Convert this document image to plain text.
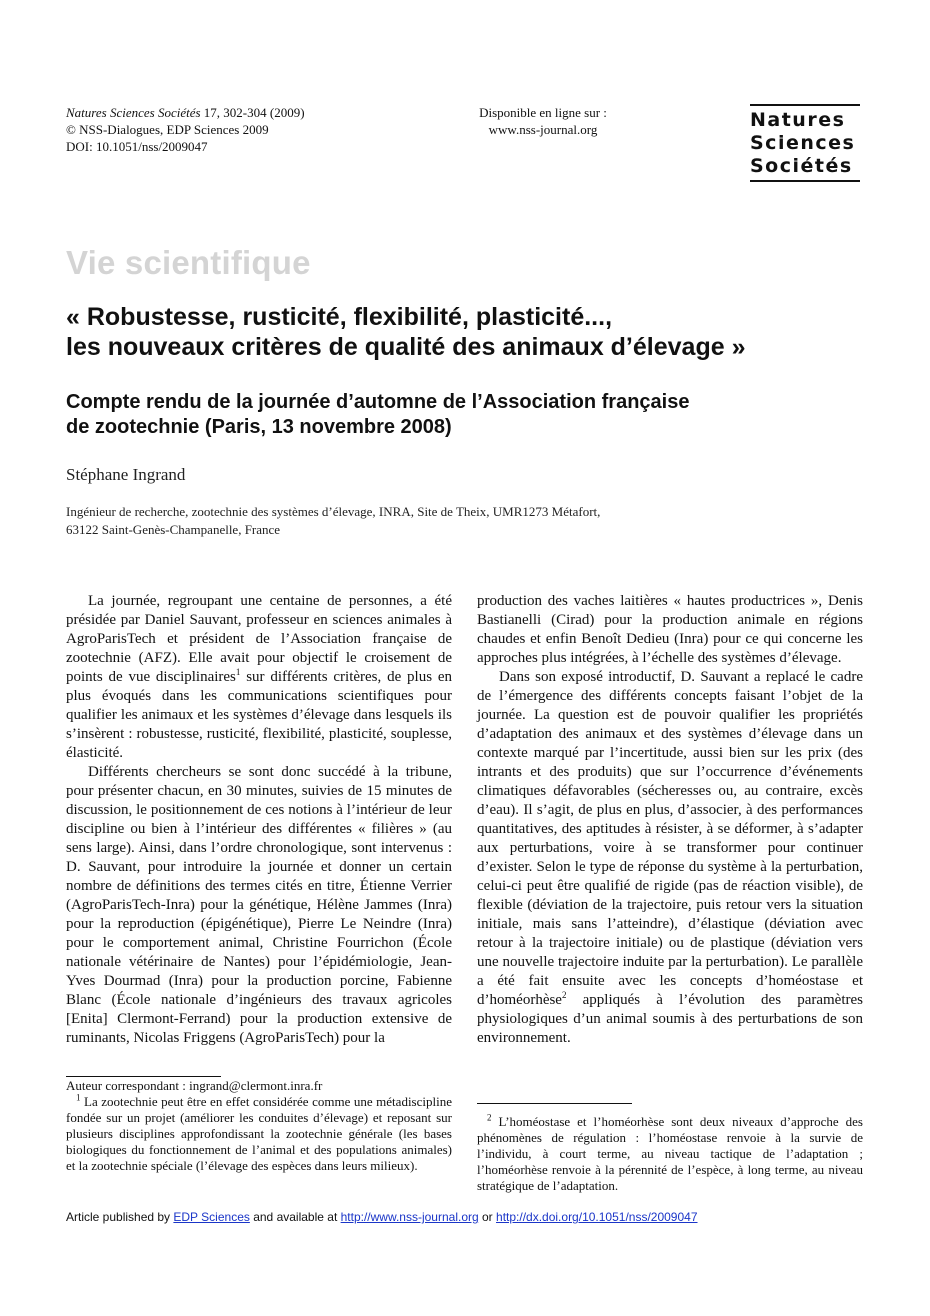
Natures Sciences Sociétés 17, 302-304 (2009)
© NSS-Dialogues, EDP Sciences 2009
DOI: 10.1051/nss/2009047
Disponible en ligne sur :
www.nss-journal.org	Natures
Sciences
Sociétés
Vie scientifique
« Robustesse, rusticité, flexibilité, plasticité...,
les nouveaux critères de qualité des animaux d’élevage »
Compte rendu de la journée d’automne de l’Association française
de zootechnie (Paris, 13 novembre 2008)
Stéphane Ingrand
Ingénieur de recherche, zootechnie des systèmes d’élevage, INRA, Site de Theix, UMR1273 Métafort,
63122 Saint-Genès-Champanelle, France

La journée, regroupant une centaine de personnes, a été présidée par Daniel Sauvant, professeur en sciences animales à AgroParisTech et président de l’Association française de zootechnie (AFZ). Elle avait pour objectif le croisement de points de vue disciplinaires$^1$ sur différents critères, de plus en plus évoqués dans les communications scientifiques pour qualifier les animaux et les systèmes d’élevage dans lesquels ils s’insèrent : robustesse, rusticité, flexibilité, plasticité, souplesse, élasticité.

Différents chercheurs se sont donc succédé à la tribune, pour présenter chacun, en 30 minutes, suivies de 15 minutes de discussion, le positionnement de ces notions à l’intérieur de leur discipline ou bien à l’intérieur des différentes « filières » (au sens large). Ainsi, dans l’ordre chronologique, sont intervenus : D. Sauvant, pour introduire la journée et donner un certain nombre de définitions des termes cités en titre, Étienne Verrier (AgroParisTech-Inra) pour la génétique, Hélène Jammes (Inra) pour la reproduction (épigénétique), Pierre Le Neindre (Inra) pour le comportement animal, Christine Fourrichon (École nationale vétérinaire de Nantes) pour l’épidémiologie, Jean-Yves Dourmad (Inra) pour la production porcine, Fabienne Blanc (École nationale d’ingénieurs des travaux agricoles [Enita] Clermont-Ferrand) pour la production extensive de ruminants, Nicolas Friggens (AgroParisTech) pour la

production des vaches laitières « hautes productrices », Denis Bastianelli (Cirad) pour la production animale en régions chaudes et enfin Benoît Dedieu (Inra) pour ce qui concerne les approches plus intégrées, à l’échelle des systèmes d’élevage.

Dans son exposé introductif, D. Sauvant a replacé le cadre de l’émergence des différents concepts faisant l’objet de la journée. La question est de pouvoir qualifier les propriétés d’adaptation des animaux et des systèmes d’élevage dans un contexte marqué par l’incertitude, aussi bien sur les prix (des intrants et des produits) que sur l’occurrence d’événements climatiques défavorables (sécheresses ou, au contraire, excès d’eau). Il s’agit, de plus en plus, d’associer, à des performances quantitatives, des aptitudes à résister, à se déformer, à s’adapter aux perturbations, voire à se transformer pour continuer d’exister. Selon le type de réponse du système à la perturbation, celui-ci peut être qualifié de rigide (pas de réaction visible), de flexible (déviation de la trajectoire, puis retour vers la situation initiale, mais sans l’atteindre), d’élastique (déviation avec retour à la trajectoire initiale) ou de plastique (déviation vers une nouvelle trajectoire induite par la perturbation). Le parallèle a été fait ensuite avec les concepts d’homéostase et d’homéorhèse$^2$ appliqués à l’évolution des paramètres physiologiques d’un animal soumis à des perturbations de son environnement.

Auteur correspondant : ingrand@clermont.inra.fr

$^1$ La zootechnie peut être en effet considérée comme une métadiscipline fondée sur un projet (améliorer les conduites d’élevage) et reposant sur plusieurs disciplines approfondissant la zootechnie générale (les bases biologiques du fonctionnement de l’animal et des populations animales) et la zootechnie spéciale (l’élevage des espèces dans leurs milieux).

$^2$ L’homéostase et l’homéorhèse sont deux niveaux d’approche des phénomènes de régulation : l’homéostase renvoie à la survie de l’individu, à court terme, au niveau tactique de l’adaptation ; l’homéorhèse renvoie à la pérennité de l’espèce, à long terme, au niveau stratégique de l’adaptation.

Article published by EDP Sciences and available at http://www.nss-journal.org or http://dx.doi.org/10.1051/nss/2009047
